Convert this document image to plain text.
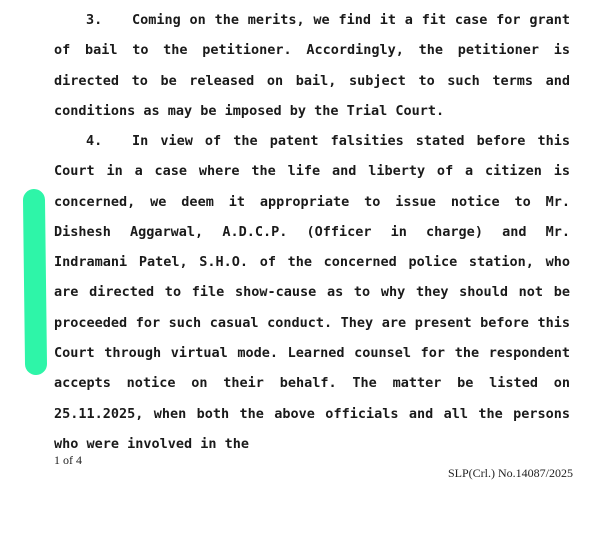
3. Coming on the merits, we find it a fit case for grant of bail to the petitioner. Accordingly, the petitioner is directed to be released on bail, subject to such terms and conditions as may be imposed by the Trial Court.

4. In view of the patent falsities stated before this Court in a case where the life and liberty of a citizen is concerned, we deem it appropriate to issue notice to Mr. Dishesh Aggarwal, A.D.C.P. (Officer in charge) and Mr. Indramani Patel, S.H.O. of the concerned police station, who are directed to file show-cause as to why they should not be proceeded for such casual conduct. They are present before this Court through virtual mode. Learned counsel for the respondent accepts notice on their behalf. The matter be listed on 25.11.2025, when both the above officials and all the persons who were involved in the

1 of 4
SLP(Crl.) No.14087/2025
